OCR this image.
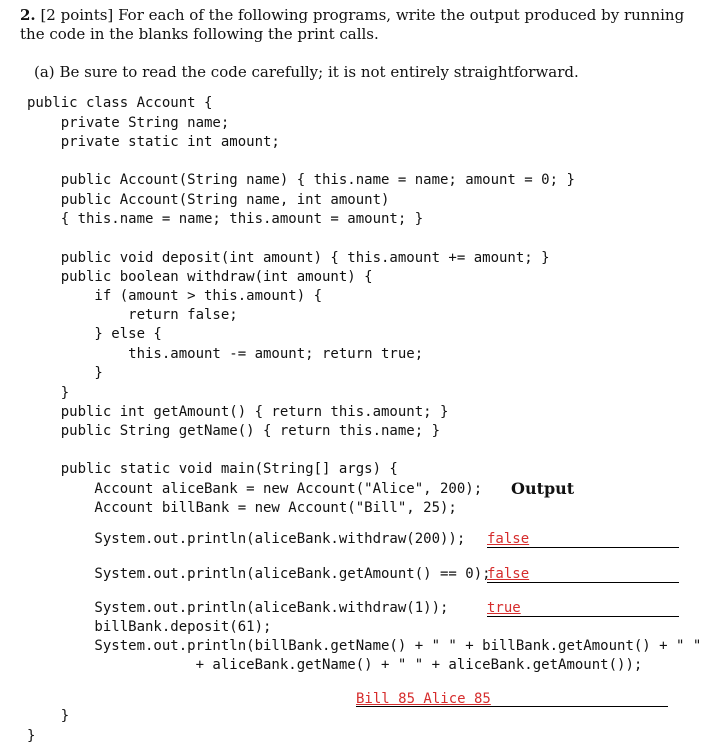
2. [2 points] For each of the following programs, write the output produced by running
the code in the blanks following the print calls.
(a) Be sure to read the code carefully; it is not entirely straightforward.
public class Account {
private String name;
private static int amount;
public Account(String name) { this.name = name; amount = 0; }
public Account(String name, int amount)
{ this.name = name; this.amount = amount; }
public void deposit(int amount) { this.amount += amount; }
public boolean withdraw(int amount) {
if (amount > this.amount) {
return false;
} else {
this.amount -= amount; return true;
}
}
public int getAmount() { return this.amount; }
public String getName() { return this.name; }
public static void main(String[] args) {
Account aliceBank = new Account("Alice", 200);
Account billBank = new Account("Bill", 25);
System.out.println(aliceBank.withdraw(200));
System.out.println(aliceBank.getAmount() == 0);
System.out.println(aliceBank.withdraw(1));
billBank.deposit(61);
System.out.println(billBank.getName() + " " + billBank.getAmount() + " "
+ aliceBank.getName() + " " + aliceBank.getAmount());
}
}
Output
false
false
true
Bill 85 Alice 85
